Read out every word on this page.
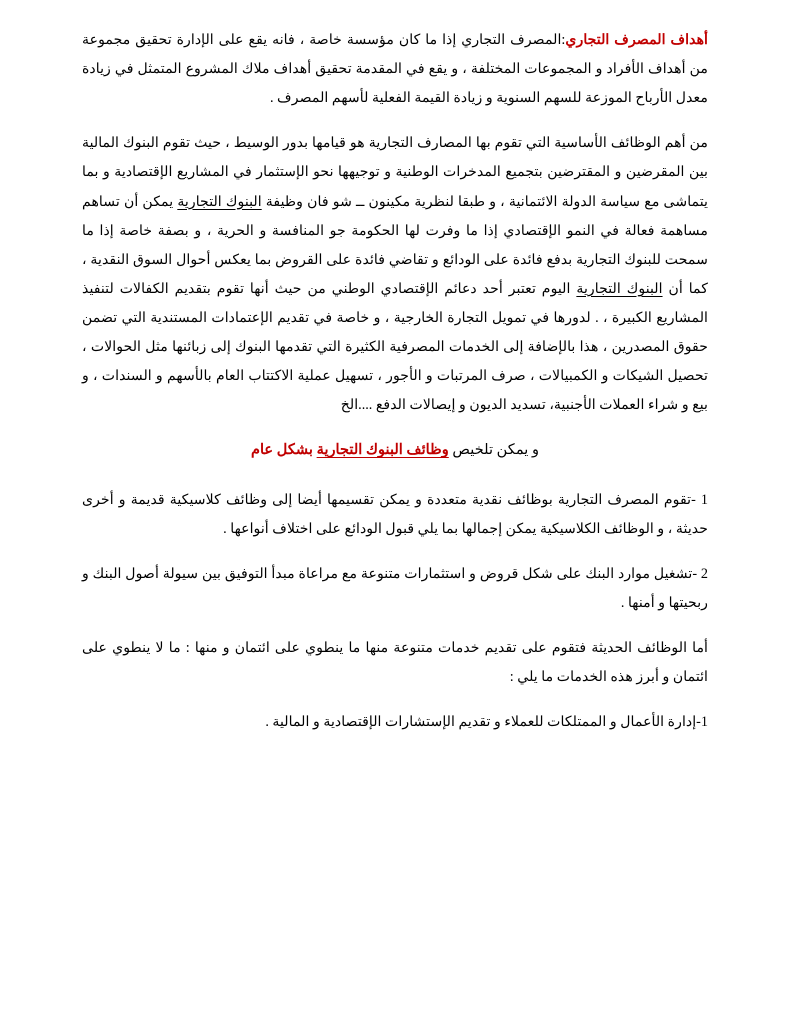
أهداف المصرف التجاري:المصرف التجاري إذا ما كان مؤسسة خاصة ، فانه يقع على الإدارة تحقيق مجموعة من أهداف الأفراد و المجموعات المختلفة ، و يقع في المقدمة تحقيق أهداف ملاك المشروع المتمثل في زيادة معدل الأرباح الموزعة للسهم السنوية و زيادة القيمة الفعلية لأسهم المصرف .

من أهم الوظائف الأساسية التي تقوم بها المصارف التجارية هو قيامها بدور الوسيط ، حيث تقوم البنوك المالية بين المقرضين و المقترضين بتجميع المدخرات الوطنية و توجيهها نحو الإستثمار في المشاريع الإقتصادية و بما يتماشى مع سياسة الدولة الائتمانية ، و طبقا لنظرية مكينون ــ شو فان وظيفة البنوك التجارية يمكن أن تساهم مساهمة فعالة في النمو الإقتصادي إذا ما وفرت لها الحكومة جو المنافسة و الحرية ، و بصفة خاصة إذا ما سمحت للبنوك التجارية بدفع فائدة على الودائع و تقاضي فائدة على القروض بما يعكس أحوال السوق النقدية ، كما أن البنوك التجارية اليوم تعتبر أحد دعائم الإقتصادي الوطني من حيث أنها تقوم بتقديم الكفالات لتنفيذ المشاريع الكبيرة ، . لدورها في تمويل التجارة الخارجية ، و خاصة في تقديم الإعتمادات المستندية التي تضمن حقوق المصدرين ، هذا بالإضافة إلى الخدمات المصرفية الكثيرة التي تقدمها البنوك إلى زبائنها مثل الحوالات ، تحصيل الشيكات و الكمبيالات ، صرف المرتبات و الأجور ، تسهيل عملية الاكتتاب العام بالأسهم و السندات ، و بيع و شراء العملات الأجنبية، تسديد الديون و إيصالات الدفع ....الخ

و يمكن تلخيص وظائف البنوك التجارية بشكل عام

1 -تقوم المصرف التجارية بوظائف نقدية متعددة و يمكن تقسيمها أيضا إلى وظائف كلاسيكية قديمة و أخرى حديثة ، و الوظائف الكلاسيكية يمكن إجمالها بما يلي قبول الودائع على اختلاف أنواعها .

2 -تشغيل موارد البنك على شكل قروض و استثمارات متنوعة مع مراعاة مبدأ التوفيق بين سيولة أصول البنك و ربحيتها و أمنها .

أما الوظائف الحديثة فتقوم على تقديم خدمات متنوعة منها ما ينطوي على ائتمان و منها : ما لا ينطوي على ائتمان و أبرز هذه الخدمات ما يلي :

1-إدارة الأعمال و الممتلكات للعملاء و تقديم الإستشارات الإقتصادية و المالية .
